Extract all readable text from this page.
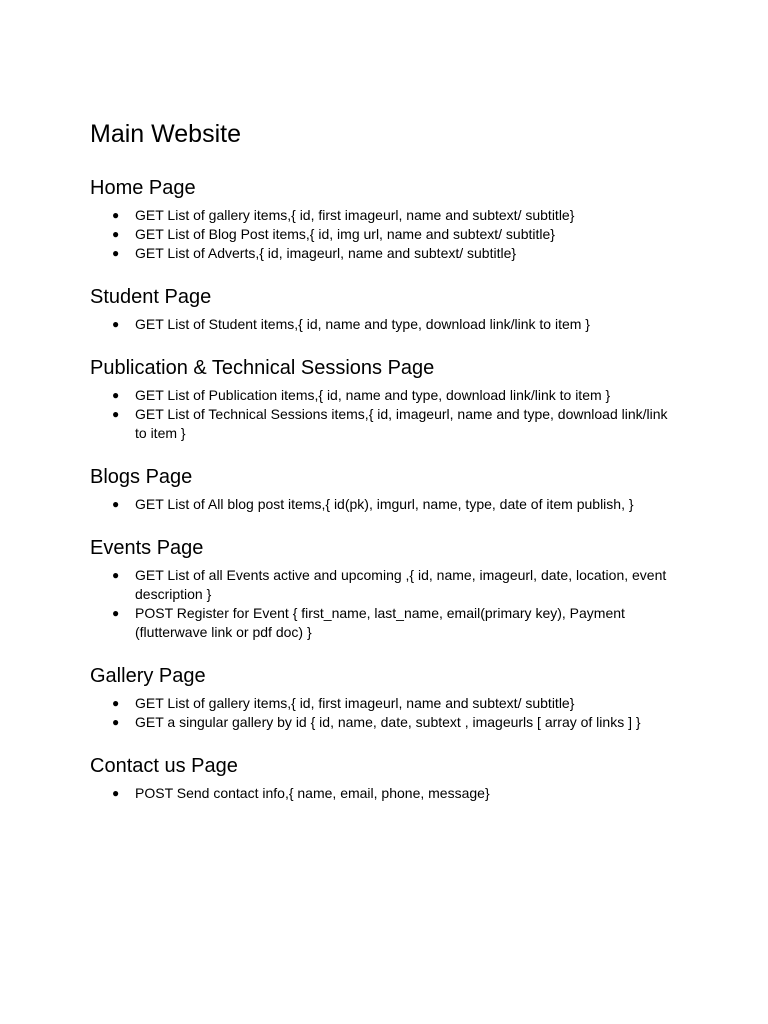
Main Website
Home Page
● GET List of gallery items,{ id, first imageurl, name and subtext/ subtitle}
● GET List of Blog Post items,{ id, img url, name and subtext/ subtitle}
● GET List of Adverts,{ id, imageurl, name and subtext/ subtitle}
Student Page
● GET List of Student items,{ id, name and type, download link/link to item }
Publication & Technical Sessions Page
● GET List of Publication items,{ id, name and type, download link/link to item }
● GET List of Technical Sessions items,{ id, imageurl, name and type, download link/link to item }
Blogs Page
● GET List of All blog post items,{ id(pk), imgurl, name, type, date of item publish, }
Events Page
● GET List of all Events active and upcoming ,{ id, name, imageurl, date, location, event description }
● POST Register for Event { first_name, last_name, email(primary key), Payment (flutterwave link or pdf doc) }
Gallery Page
● GET List of gallery items,{ id, first imageurl, name and subtext/ subtitle}
● GET a singular gallery by id { id, name, date, subtext , imageurls [ array of links ] }
Contact us Page
● POST Send contact info,{ name, email, phone, message}
